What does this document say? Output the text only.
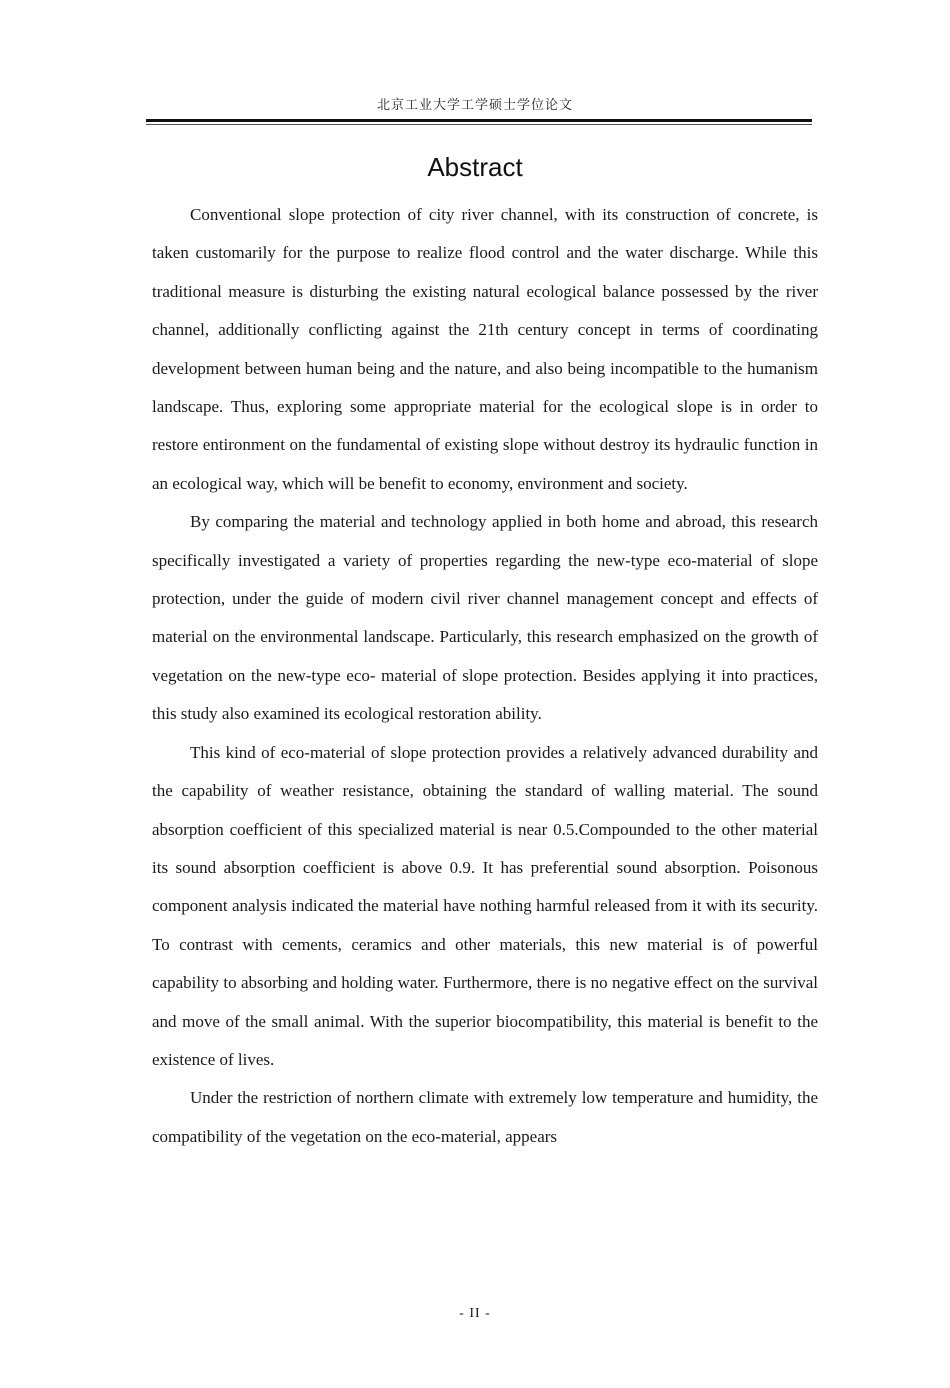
北京工业大学工学硕士学位论文
Abstract

Conventional slope protection of city river channel, with its construction of concrete, is taken customarily for the purpose to realize flood control and the water discharge. While this traditional measure is disturbing the existing natural ecological balance possessed by the river channel, additionally conflicting against the 21th century concept in terms of coordinating development between human being and the nature, and also being incompatible to the humanism landscape. Thus, exploring some appropriate material for the ecological slope is in order to restore entironment on the fundamental of existing slope without destroy its hydraulic function in an ecological way, which will be benefit to economy, environment and society.

By comparing the material and technology applied in both home and abroad, this research specifically investigated a variety of properties regarding the new-type eco-material of slope protection, under the guide of modern civil river channel management concept and effects of material on the environmental landscape. Particularly, this research emphasized on the growth of vegetation on the new-type eco- material of slope protection. Besides applying it into practices, this study also examined its ecological restoration ability.

This kind of eco-material of slope protection provides a relatively advanced durability and the capability of weather resistance, obtaining the standard of walling material. The sound absorption coefficient of this specialized material is near 0.5.Compounded to the other material its sound absorption coefficient is above 0.9. It has preferential sound absorption. Poisonous component analysis indicated the material have nothing harmful released from it with its security. To contrast with cements, ceramics and other materials, this new material is of powerful capability to absorbing and holding water. Furthermore, there is no negative effect on the survival and move of the small animal. With the superior biocompatibility, this material is benefit to the existence of lives.

Under the restriction of northern climate with extremely low temperature and humidity, the compatibility of the vegetation on the eco-material, appears

- II -
